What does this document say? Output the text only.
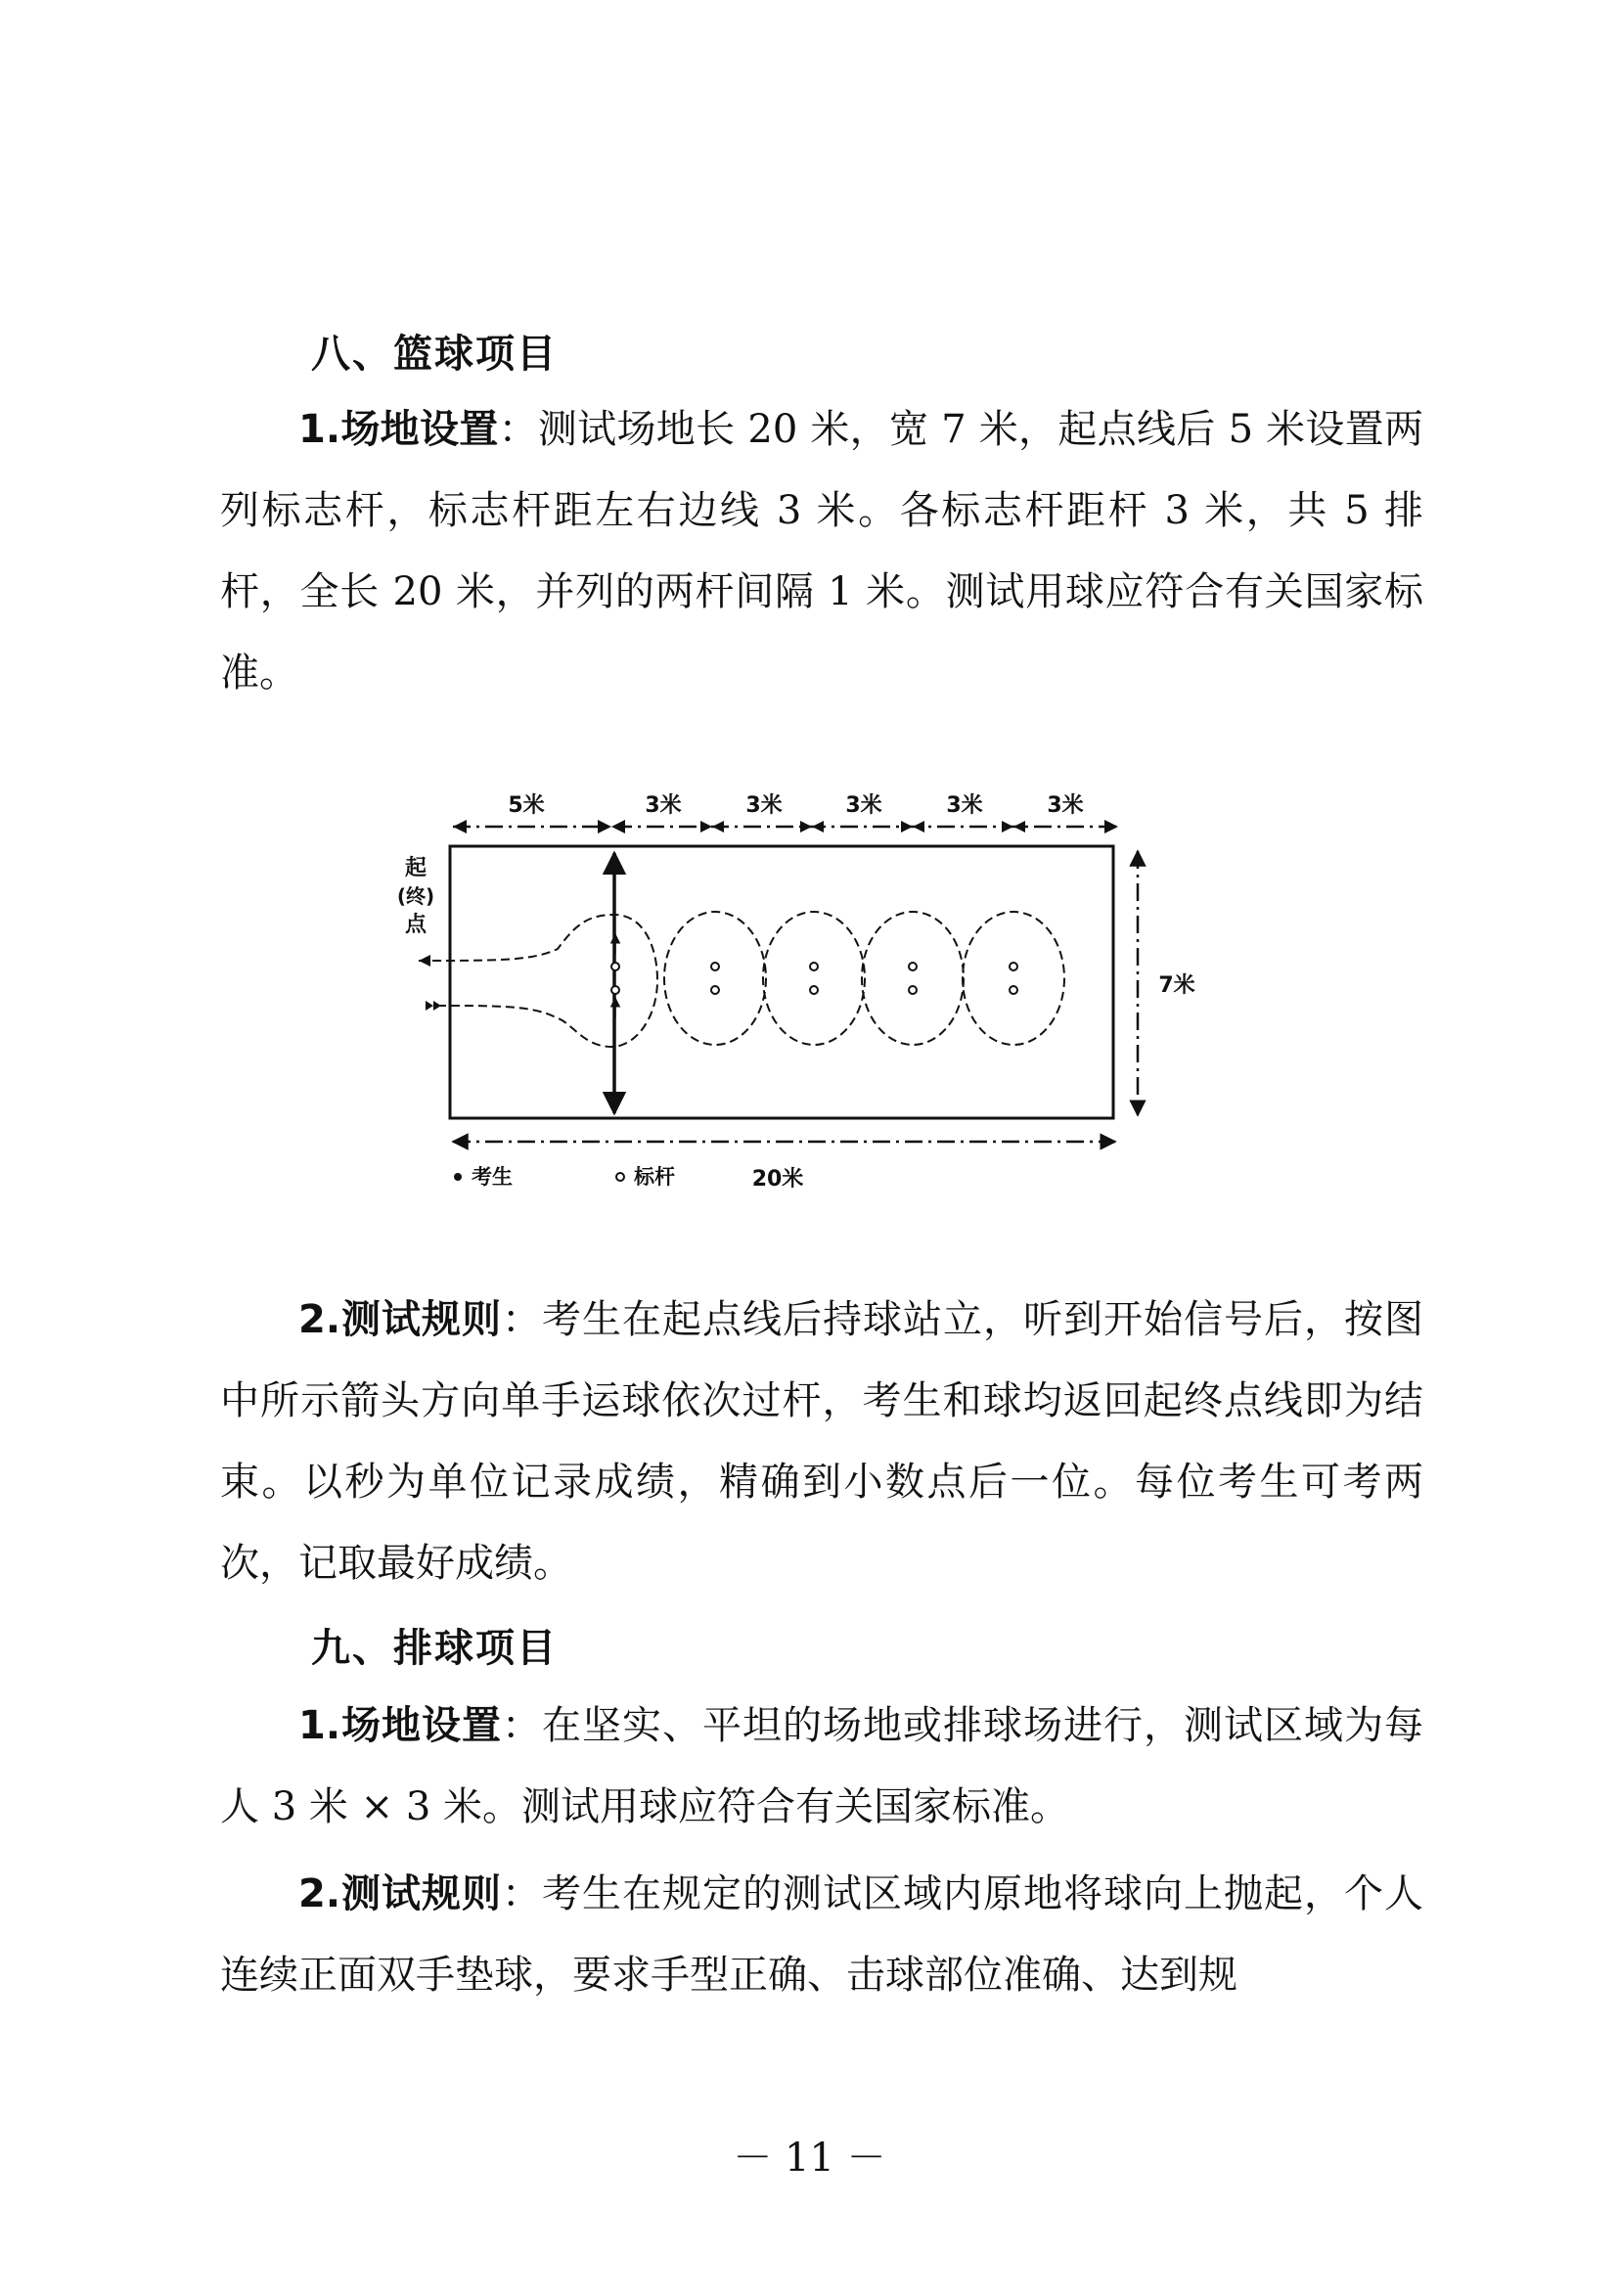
八、篮球项目
1.场地设置：测试场地长 20 米，宽 7 米，起点线后 5 米设置两列标志杆，标志杆距左右边线 3 米。各标志杆距杆 3 米，共 5 排杆，全长 20 米，并列的两杆间隔 1 米。测试用球应符合有关国家标准。
5米	3米	3米	3米	3米	3米
起
(终)
点
7米
考生	标杆	20米
2.测试规则：考生在起点线后持球站立，听到开始信号后，按图中所示箭头方向单手运球依次过杆，考生和球均返回起终点线即为结束。以秒为单位记录成绩，精确到小数点后一位。每位考生可考两次，记取最好成绩。
九、排球项目
1.场地设置：在坚实、平坦的场地或排球场进行，测试区域为每人 3 米 × 3 米。测试用球应符合有关国家标准。
2.测试规则：考生在规定的测试区域内原地将球向上抛起，个人连续正面双手垫球，要求手型正确、击球部位准确、达到规
－ 11 －
